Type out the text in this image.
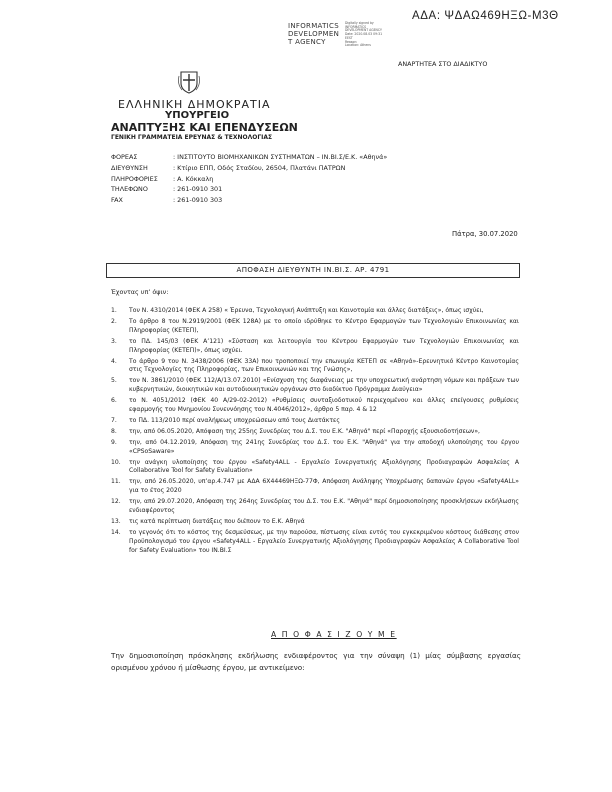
ΑΔΑ: ΨΔΑΩ469ΗΞΩ-Μ3Θ
INFORMATICS
DEVELOPMEN
T AGENCY
Digitally signed by
INFORMATICS
DEVELOPMENT AGENCY
Date: 2020.08.03 09:31
EEST
Reason:
Location: Athens
ΑΝΑΡΤΗΤΕΑ ΣΤΟ ΔΙΑΔΙΚΤΥΟ
ΕΛΛΗΝΙΚΗ ΔΗΜΟΚΡΑΤΙΑ
ΥΠΟΥΡΓΕΙΟ
ΑΝΑΠΤΥΞΗΣ ΚΑΙ ΕΠΕΝΔΥΣΕΩΝ
ΓΕΝΙΚΗ ΓΡΑΜΜΑΤΕΙΑ ΕΡΕΥΝΑΣ & ΤΕΧΝΟΛΟΓΙΑΣ
ΦΟΡΕΑΣ	: ΙΝΣΤΙΤΟΥΤΟ ΒΙΟΜΗΧΑΝΙΚΩΝ ΣΥΣΤΗΜΑΤΩΝ – IN.BI.Σ/Ε.Κ. «Αθηνά»
ΔΙΕΥΘΥΝΣΗ	: Κτίριο ΕΠΠ, Οδός Σταδίου, 26504, Πλατάνι ΠΑΤΡΩΝ
ΠΛΗΡΟΦΟΡΙΕΣ : Α. Κόκκαλη
ΤΗΛΕΦΩΝΟ	: 261-0910 301
FAX	: 261-0910 303
Πάτρα, 30.07.2020
ΑΠΟΦΑΣΗ ΔΙΕΥΘΥΝΤΗ IN.BI.Σ. ΑΡ. 4791
Έχοντας υπ’ όψιν:
1. Τον Ν. 4310/2014 (ΦΕΚ Α 258) « Έρευνα, Τεχνολογική Ανάπτυξη και Καινοτομία και άλλες διατάξεις», όπως ισχύει,
2. Το άρθρο 8 του Ν.2919/2001 (ΦΕΚ 128Α) με το οποίο ιδρύθηκε το Κέντρο Εφαρμογών των Τεχνολογιών Επικοινωνίας και Πληροφορίας (ΚΕΤΕΠ),
3. το ΠΔ. 145/03 (ΦΕΚ Α’121) «Σύσταση και λειτουργία του Κέντρου Εφαρμογών των Τεχνολογιών Επικοινωνίας και Πληροφορίας (ΚΕΤΕΠ)», όπως ισχύει.
4. Το άρθρο 9 του Ν. 3438/2006 (ΦΕΚ 33Α) που τροποποιεί την επωνυμία ΚΕΤΕΠ σε «Αθηνά»-Ερευνητικό Κέντρο Καινοτομίας στις Τεχνολογίες της Πληροφορίας, των Επικοινωνιών και της Γνώσης»,
5. τον Ν. 3861/2010 (ΦΕΚ 112/Α/13.07.2010) «Ενίσχυση της διαφάνειας με την υποχρεωτική ανάρτηση νόμων και πράξεων των κυβερνητικών, διοικητικών και αυτοδιοικητικών οργάνων στο διαδίκτυο Πρόγραμμα Διαύγεια»
6. το Ν. 4051/2012 (ΦΕΚ 40 Α/29-02-2012) «Ρυθμίσεις συνταξιοδοτικού περιεχομένου και άλλες επείγουσες ρυθμίσεις εφαρμογής του Μνημονίου Συνεννόησης του Ν.4046/2012», άρθρο 5 παρ. 4 & 12
7. το ΠΔ. 113/2010 περί αναλήψεως υποχρεώσεων από τους Διατάκτες
8. την, από 06.05.2020, Απόφαση της 255ης Συνεδρίας του Δ.Σ. του Ε.Κ. "Αθηνά" περί «Παροχής εξουσιοδοτήσεων»,
9. την, από 04.12.2019, Απόφαση της 241ης Συνεδρίας του Δ.Σ. του Ε.Κ. "Αθηνά" για την αποδοχή υλοποίησης του έργου «CPSoSaware»
10. την ανάγκη υλοποίησης του έργου «Safety4ALL - Εργαλείο Συνεργατικής Αξιολόγησης Προδιαγραφών Ασφαλείας A Collaborative Tool for Safety Evaluation»
11. την, από 26.05.2020, υπ’αρ.4.747 με ΑΔΑ 6Χ44469ΗΞΩ-77Φ, Απόφαση Ανάληψης Υποχρέωσης δαπανών έργου «Safety4ALL» για το έτος 2020
12. την, από 29.07.2020, Απόφαση της 264ης Συνεδρίας του Δ.Σ. του Ε.Κ. "Αθηνά" περί δημοσιοποίησης προσκλήσεων εκδήλωσης ενδιαφέροντος
13. τις κατά περίπτωση διατάξεις που διέπουν το Ε.Κ. Αθηνά
14. το γεγονός ότι το κόστος της δεσμεύσεως, με την παρούσα, πίστωσης είναι εντός του εγκεκριμένου κόστους διάθεσης στον Προϋπολογισμό του έργου «Safety4ALL - Εργαλείο Συνεργατικής Αξιολόγησης Προδιαγραφών Ασφαλείας A Collaborative Tool for Safety Evaluation» του ΙΝ.ΒΙ.Σ
Α Π Ο Φ Α Σ Ι Ζ Ο Υ Μ Ε
Την δημοσιοποίηση πρόσκλησης εκδήλωσης ενδιαφέροντος για την σύναψη (1) μίας σύμβασης εργασίας ορισμένου χρόνου ή μίσθωσης έργου, με αντικείμενο:
